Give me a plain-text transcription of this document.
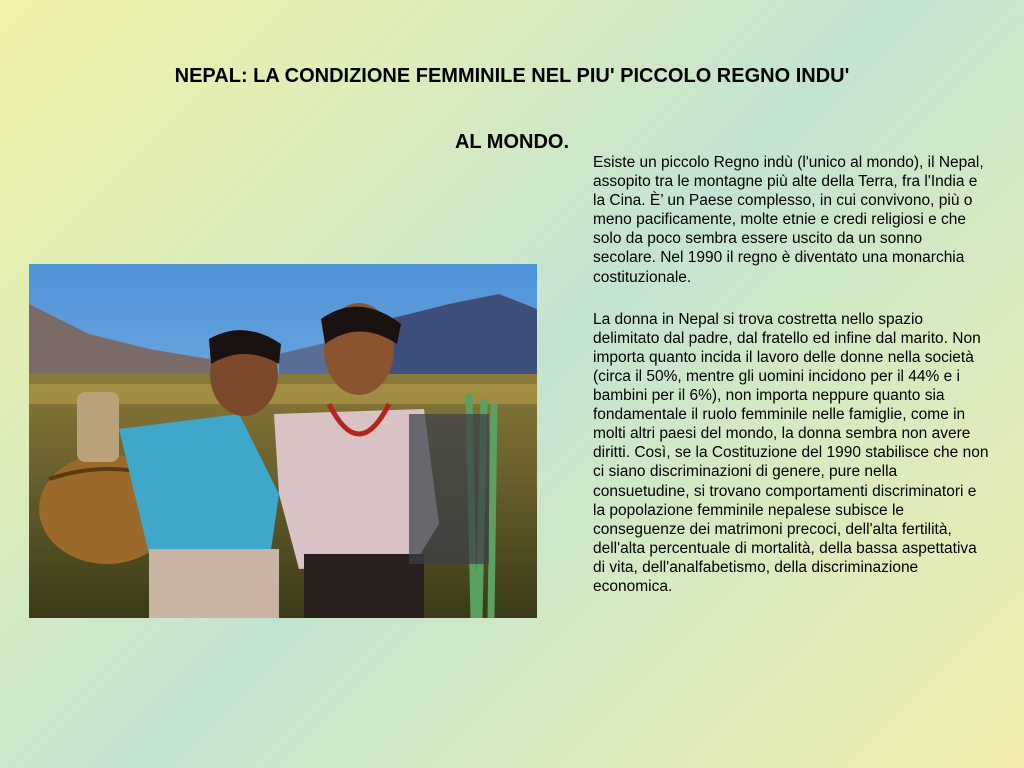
NEPAL: LA CONDIZIONE FEMMINILE NEL PIU' PICCOLO REGNO INDU'
AL MONDO.

Esiste un piccolo Regno indù (l'unico al mondo), il Nepal, assopito tra le montagne più alte della Terra, fra l'India e la Cina. È’ un Paese complesso, in cui convivono, più o meno pacificamente, molte etnie e credi religiosi e che solo da poco sembra essere uscito da un sonno secolare. Nel 1990 il regno è diventato una monarchia costituzionale.

La donna in Nepal si trova costretta nello spazio delimitato dal padre, dal fratello ed infine dal marito. Non importa quanto incida il lavoro delle donne nella società (circa il 50%, mentre gli uomini incidono per il 44% e i bambini per il 6%), non importa neppure quanto sia fondamentale il ruolo femminile nelle famiglie, come in molti altri paesi del mondo, la donna sembra non avere diritti. Così, se la Costituzione del 1990 stabilisce che non ci siano discriminazioni di genere, pure nella consuetudine, si trovano comportamenti discriminatori e la popolazione femminile nepalese subisce le conseguenze dei matrimoni precoci, dell'alta fertilità, dell'alta percentuale di mortalità, della bassa aspettativa di vita, dell'analfabetismo, della discriminazione economica.
